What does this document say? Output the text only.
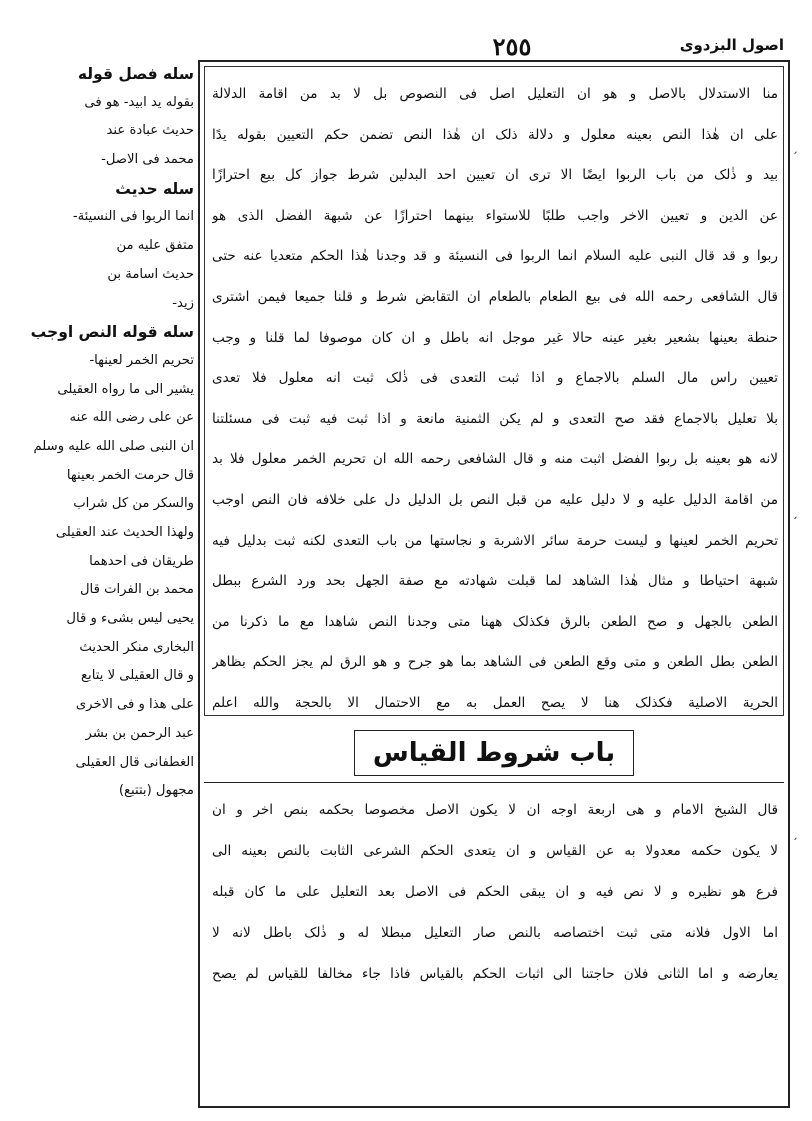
٢٥٥	اصول البزدوی
منا الاستدلال بالاصل و هو ان التعلیل اصل فی النصوص بل لا بد من اقامة الدلالة
علی ان هٰذا النص بعینه معلول و دلالة ذلک ان هٰذا النص تضمن حکم التعیین بقوله یدًا
بید و ذٰلک من باب الربوا ایضًا الا تری ان تعیین احد البدلین شرط جواز کل بیع احترازًا
عن الدین و تعیین الاخر واجب طلبًا للاستواء بینهما احترازًا عن شبهة الفضل الذی هو
ربوا و قد قال النبی علیه السلام انما الربوا فی النسیئة و قد وجدنا هٰذا الحکم متعدیا عنه حتی
قال الشافعی رحمه الله فی بیع الطعام بالطعام ان التقابض شرط و قلنا جمیعا فیمن اشتری
حنطة بعینها بشعیر بغیر عینه حالا غیر موجل انه باطل و ان کان موصوفا لما قلنا و وجب
تعیین راس مال السلم بالاجماع و اذا ثبت التعدی فی ذٰلک ثبت انه معلول فلا تعدی
بلا تعلیل بالاجماع فقد صح التعدی و لم یکن الثمنیة مانعة و اذا ثبت فیه ثبت فی مسئلتنا
لانه هو بعینه بل ربوا الفضل اثبت منه و قال الشافعی رحمه الله ان تحریم الخمر معلول فلا بد
من اقامة الدلیل علیه و لا دلیل علیه من قبل النص بل الدلیل دل علی خلافه فان النص اوجب
تحریم الخمر لعینها و لیست حرمة سائر الاشربة و نجاستها من باب التعدی لکنه ثبت بدلیل فیه
شبهة احتیاطا و مثال هٰذا الشاهد لما قبلت شهادته مع صفة الجهل بحد ورد الشرع ببطل
الطعن بالجهل و صح الطعن بالرق فکذلک ههنا متی وجدنا النص شاهدا مع ما ذکرنا من
الطعن بطل الطعن و متی وقع الطعن فی الشاهد بما هو جرح و هو الرق لم یجز الحکم بظاهر
الحریة الاصلیة فکذلک هنا لا یصح العمل به مع الاحتمال الا بالحجة والله اعلم
باب شروط القیاس
قال الشیخ الامام و هی اربعة اوجه ان لا یکون الاصل مخصوصا بحکمه بنص اخر و ان
لا یکون حکمه معدولا به عن القیاس و ان یتعدی الحکم الشرعی الثابت بالنص بعینه الی
فرع هو نظیره و لا نص فیه و ان یبقی الحکم فی الاصل بعد التعلیل علی ما کان قبله
اما الاول فلانه متی ثبت اختصاصه بالنص صار التعلیل مبطلا له و ذٰلک باطل لانه لا
یعارضه و اما الثانی فلان حاجتنا الی اثبات الحکم بالقیاس فاذا جاء مخالفا للقیاس لم یصح
سله فصل قوله
بقوله ید ابید- هو فی
حدیث عبادة عند
محمد فی الاصل-
سله حدیث
انما الربوا فی النسیئة-
متفق علیه من
حدیث اسامة بن
زید-
سله قوله النص اوجب
تحریم الخمر لعینها-
یشیر الی ما رواه العقیلی
عن علی رضی الله عنه
ان النبی صلی الله علیه وسلم
قال حرمت الخمر بعینها
والسکر من کل شراب
ولهذا الحدیث عند العقیلی
طریقان فی احدهما
محمد بن الفرات قال
یحیی لیس بشیء و قال
البخاری منکر الحدیث
و قال العقیلی لا یتابع
علی هذا و فی الاخری
عبد الرحمن بن بشر
الغطفانی قال العقیلی
مجهول (بتتبع)
ˏ
ˏ
ˏ
